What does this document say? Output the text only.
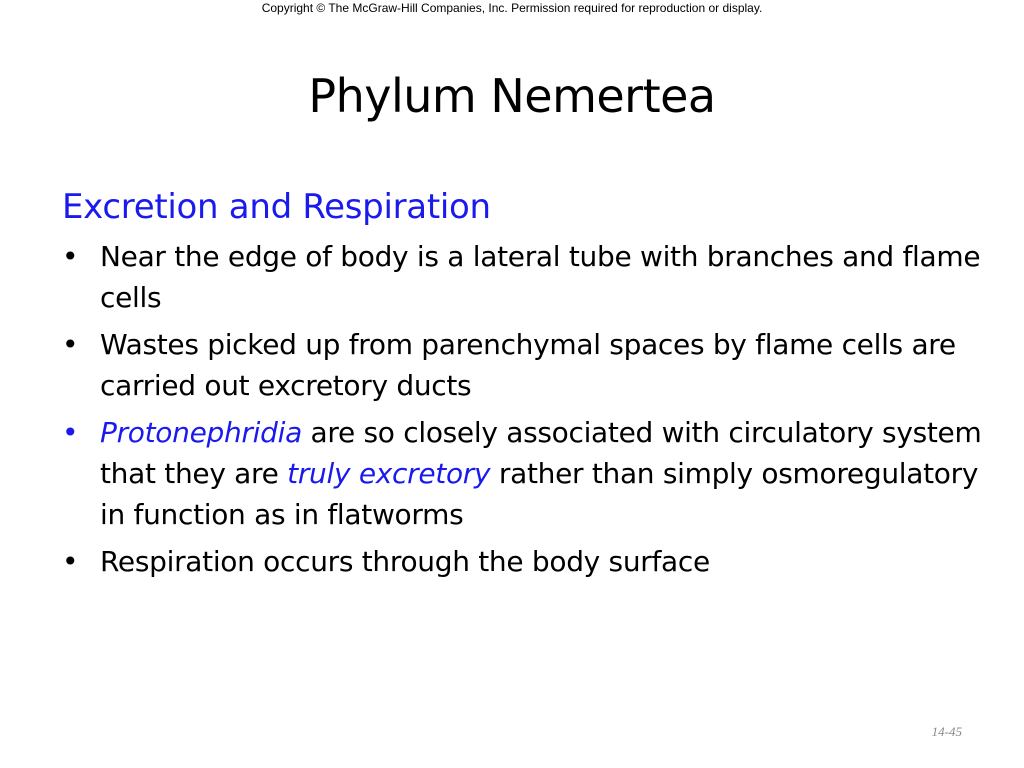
Copyright © The McGraw-Hill Companies, Inc. Permission required for reproduction or display.
Phylum Nemertea
Excretion and Respiration
• Near the edge of body is a lateral tube with branches and flame cells
• Wastes picked up from parenchymal spaces by flame cells are carried out excretory ducts
• Protonephridia are so closely associated with circulatory system that they are truly excretory rather than simply osmoregulatory in function as in flatworms
• Respiration occurs through the body surface
14-45
